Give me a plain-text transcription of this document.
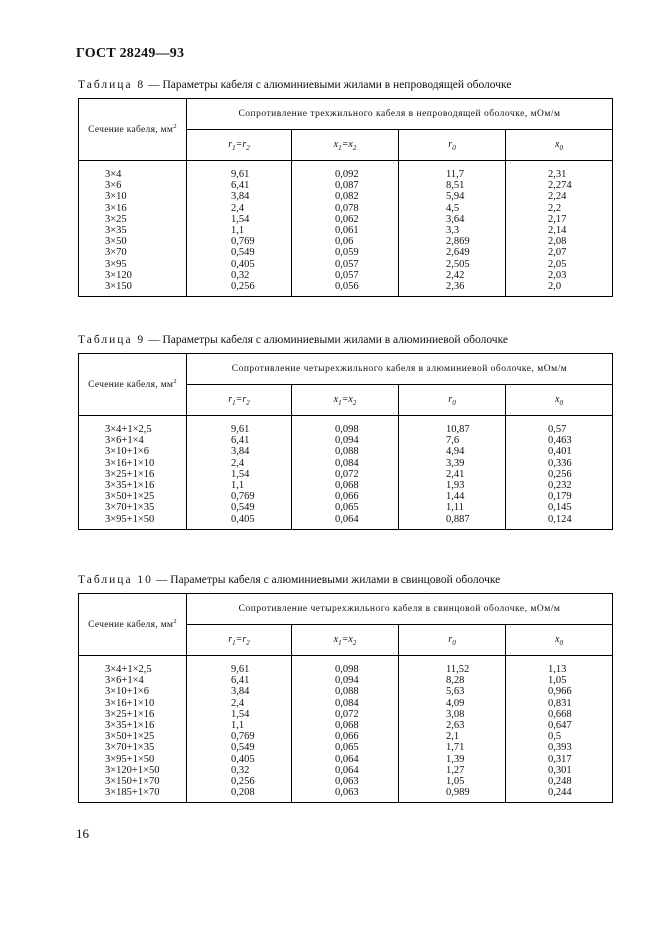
ГОСТ 28249—93
Таблица 8 — Параметры кабеля с алюминиевыми жилами в непроводящей оболочке
Сечение кабеля, $мм^2$	Сопротивление трехжильного кабеля в непроводящей оболочке, мОм/м			
	$r_1=r_2$	$x_1=x_2$	$r_0$	$x_0$
3×4	9,61	0,092	11,7	2,31
3×6	6,41	0,087	8,51	2,274
3×10	3,84	0,082	5,94	2,24
3×16	2,4	0,078	4,5	2,2
3×25	1,54	0,062	3,64	2,17
3×35	1,1	0,061	3,3	2,14
3×50	0,769	0,06	2,869	2,08
3×70	0,549	0,059	2,649	2,07
3×95	0,405	0,057	2,505	2,05
3×120	0,32	0,057	2,42	2,03
3×150	0,256	0,056	2,36	2,0
Таблица 9 — Параметры кабеля с алюминиевыми жилами в алюминиевой оболочке
Сечение кабеля, $мм^2$	Сопротивление четырехжильного кабеля в алюминиевой оболочке, мОм/м			
	$r_1=r_2$	$x_1=x_2$	$r_0$	$x_0$
3×4+1×2,5	9,61	0,098	10,87	0,57
3×6+1×4	6,41	0,094	7,6	0,463
3×10+1×6	3,84	0,088	4,94	0,401
3×16+1×10	2,4	0,084	3,39	0,336
3×25+1×16	1,54	0,072	2,41	0,256
3×35+1×16	1,1	0,068	1,93	0,232
3×50+1×25	0,769	0,066	1,44	0,179
3×70+1×35	0,549	0,065	1,11	0,145
3×95+1×50	0,405	0,064	0,887	0,124
Таблица 10 — Параметры кабеля с алюминиевыми жилами в свинцовой оболочке
Сечение кабеля, $мм^2$	Сопротивление четырехжильного кабеля в свинцовой оболочке, мОм/м			
	$r_1=r_2$	$x_1=x_2$	$r_0$	$x_0$
3×4+1×2,5	9,61	0,098	11,52	1,13
3×6+1×4	6,41	0,094	8,28	1,05
3×10+1×6	3,84	0,088	5,63	0,966
3×16+1×10	2,4	0,084	4,09	0,831
3×25+1×16	1,54	0,072	3,08	0,668
3×35+1×16	1,1	0,068	2,63	0,647
3×50+1×25	0,769	0,066	2,1	0,5
3×70+1×35	0,549	0,065	1,71	0,393
3×95+1×50	0,405	0,064	1,39	0,317
3×120+1×50	0,32	0,064	1,27	0,301
3×150+1×70	0,256	0,063	1,05	0,248
3×185+1×70	0,208	0,063	0,989	0,244
16
